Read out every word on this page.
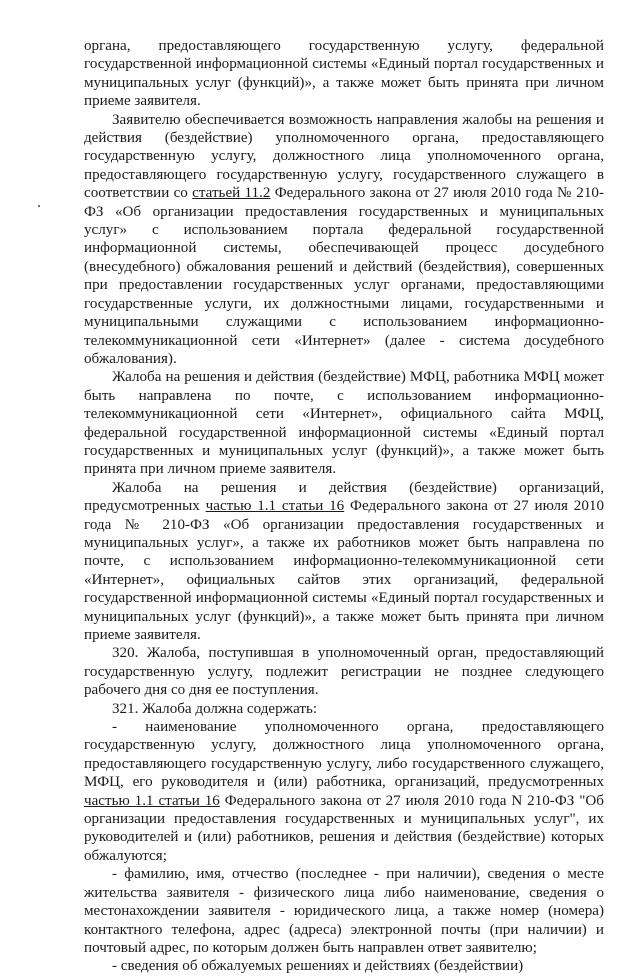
органа, предоставляющего государственную услугу, федеральной государственной информационной системы «Единый портал государственных и муниципальных услуг (функций)», а также может быть принята при личном приеме заявителя.

Заявителю обеспечивается возможность направления жалобы на решения и действия (бездействие) уполномоченного органа, предоставляющего государственную услугу, должностного лица уполномоченного органа, предоставляющего государственную услугу, государственного служащего в соответствии со статьей 11.2 Федерального закона от 27 июля 2010 года № 210-ФЗ «Об организации предоставления государственных и муниципальных услуг» с использованием портала федеральной государственной информационной системы, обеспечивающей процесс досудебного (внесудебного) обжалования решений и действий (бездействия), совершенных при предоставлении государственных услуг органами, предоставляющими государственные услуги, их должностными лицами, государственными и муниципальными служащими с использованием информационно-телекоммуникационной сети «Интернет» (далее - система досудебного обжалования).

Жалоба на решения и действия (бездействие) МФЦ, работника МФЦ может быть направлена по почте, с использованием информационно-телекоммуникационной сети «Интернет», официального сайта МФЦ, федеральной государственной информационной системы «Единый портал государственных и муниципальных услуг (функций)», а также может быть принята при личном приеме заявителя.

Жалоба на решения и действия (бездействие) организаций, предусмотренных частью 1.1 статьи 16 Федерального закона от 27 июля 2010 года № 210-ФЗ «Об организации предоставления государственных и муниципальных услуг», а также их работников может быть направлена по почте, с использованием информационно-телекоммуникационной сети «Интернет», официальных сайтов этих организаций, федеральной государственной информационной системы «Единый портал государственных и муниципальных услуг (функций)», а также может быть принята при личном приеме заявителя.

320. Жалоба, поступившая в уполномоченный орган, предоставляющий государственную услугу, подлежит регистрации не позднее следующего рабочего дня со дня ее поступления.

321. Жалоба должна содержать:

- наименование уполномоченного органа, предоставляющего государственную услугу, должностного лица уполномоченного органа, предоставляющего государственную услугу, либо государственного служащего, МФЦ, его руководителя и (или) работника, организаций, предусмотренных частью 1.1 статьи 16 Федерального закона от 27 июля 2010 года N 210-ФЗ "Об организации предоставления государственных и муниципальных услуг", их руководителей и (или) работников, решения и действия (бездействие) которых обжалуются;

- фамилию, имя, отчество (последнее - при наличии), сведения о месте жительства заявителя - физического лица либо наименование, сведения о местонахождении заявителя - юридического лица, а также номер (номера) контактного телефона, адрес (адреса) электронной почты (при наличии) и почтовый адрес, по которым должен быть направлен ответ заявителю;

- сведения об обжалуемых решениях и действиях (бездействии)
